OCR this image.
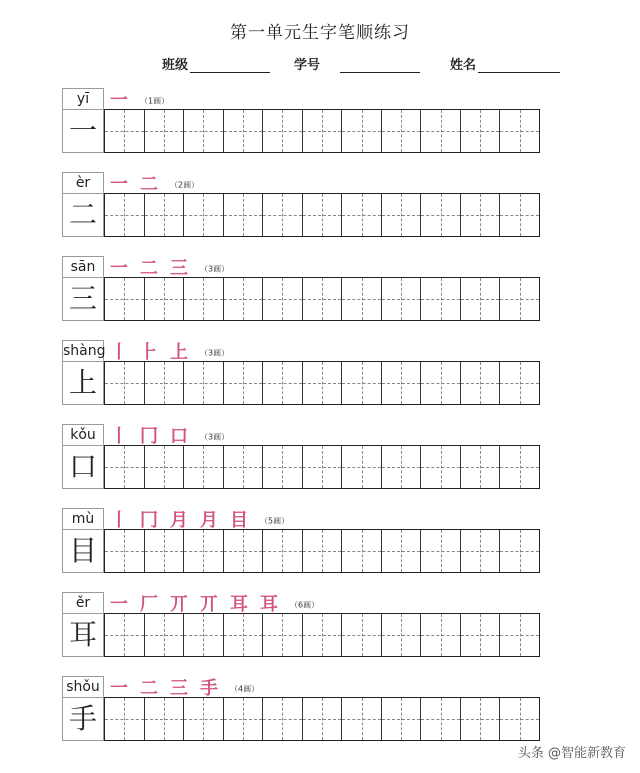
第一单元生字笔顺练习
班级	学号	姓名
yī
一
一 （1画）
èr
二
一 二 （2画）
sān
三
一 二 三 （3画）
shàng
上
丨 ⺊ 上 （3画）
kǒu
口
丨 冂 口 （3画）
mù
目
丨 冂 月 月 目 （5画）
ěr
耳
一 厂 丌 丌 耳 耳 （6画）
shǒu
手
一 二 三 手 （4画）
头条 @智能新教育
